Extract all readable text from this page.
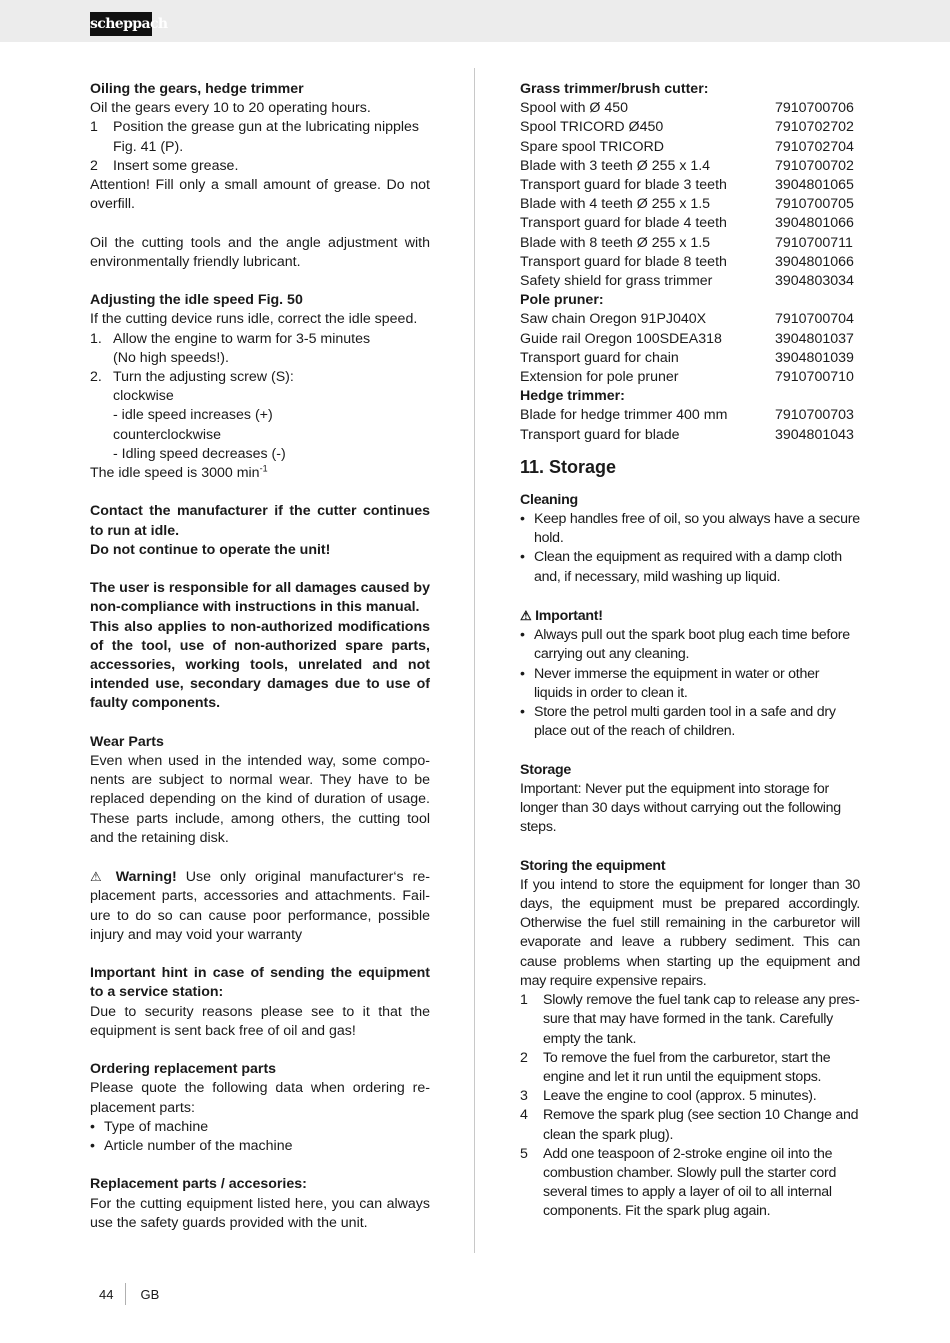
scheppach

Oiling the gears, hedge trimmer

Oil the gears every 10 to 20 operating hours.

1	Position the grease gun at the lubricating nipples Fig. 41 (P).
2	Insert some grease.

Attention! Fill only a small amount of grease. Do not overfill.

Oil the cutting tools and the angle adjustment with environmentally friendly lubricant.

Adjusting the idle speed Fig. 50

If the cutting device runs idle, correct the idle speed.

1. Allow the engine to warm for 3-5 minutes

(No high speeds!).

2. Turn the adjusting screw (S):

clockwise

- idle speed increases (+)

counterclockwise

- Idling speed decreases (-)

The idle speed is 3000 $\min^{-1}$

Contact the manufacturer if the cutter continues to run at idle.

Do not continue to operate the unit!

The user is responsible for all damages caused by non-compliance with instructions in this manual.

This also applies to non-authorized modifications of the tool, use of non-authorized spare parts, accessories, working tools, unrelated and not intended use, secondary damages due to use of faulty components.

Wear Parts

Even when used in the intended way, some components are subject to normal wear. They have to be replaced depending on the kind of duration of usage. These parts include, among others, the cutting tool and the retaining disk.

⚠ Warning! Use only original manufacturer‘s replacement parts, accessories and attachments. Failure to do so can cause poor performance, possible injury and may void your warranty

Important hint in case of sending the equipment to a service station:

Due to security reasons please see to it that the equipment is sent back free of oil and gas!

Ordering replacement parts

Please quote the following data when ordering replacement parts:

• Type of machine
• Article number of the machine

Replacement parts / accesories:

For the cutting equipment listed here, you can always use the safety guards provided with the unit.

Grass trimmer/brush cutter:

Spool with Ø 450	7910700706
Spool TRICORD Ø450	7910702702
Spare spool TRICORD	7910702704
Blade with 3 teeth Ø 255 x 1.4	7910700702
Transport guard for blade 3 teeth	3904801065
Blade with 4 teeth Ø 255 x 1.5	7910700705
Transport guard for blade 4 teeth	3904801066
Blade with 8 teeth Ø 255 x 1.5	7910700711
Transport guard for blade 8 teeth	3904801066
Safety shield for grass trimmer	3904803034

Pole pruner:

Saw chain Oregon 91PJ040X	7910700704
Guide rail Oregon 100SDEA318	3904801037
Transport guard for chain	3904801039
Extension for pole pruner	7910700710

Hedge trimmer:

Blade for hedge trimmer 400 mm	7910700703
Transport guard for blade	3904801043
11. Storage

Cleaning

• Keep handles free of oil, so you always have a secure hold.
• Clean the equipment as required with a damp cloth and, if necessary, mild washing up liquid.

⚠ Important!

• Always pull out the spark boot plug each time before carrying out any cleaning.
• Never immerse the equipment in water or other liquids in order to clean it.
• Store the petrol multi garden tool in a safe and dry place out of the reach of children.

Storage

Important: Never put the equipment into storage for longer than 30 days without carrying out the following steps.

Storing the equipment

If you intend to store the equipment for longer than 30 days, the equipment must be prepared accordingly. Otherwise the fuel still remaining in the carburetor will evaporate and leave a rubbery sediment. This can cause problems when starting up the equipment and may require expensive repairs.

1	Slowly remove the fuel tank cap to release any pressure that may have formed in the tank. Carefully empty the tank.
2	To remove the fuel from the carburetor, start the engine and let it run until the equipment stops.
3	Leave the engine to cool (approx. 5 minutes).
4	Remove the spark plug (see section 10 Change and clean the spark plug).
5	Add one teaspoon of 2-stroke engine oil into the combustion chamber. Slowly pull the starter cord several times to apply a layer of oil to all internal components. Fit the spark plug again.
44	GB
